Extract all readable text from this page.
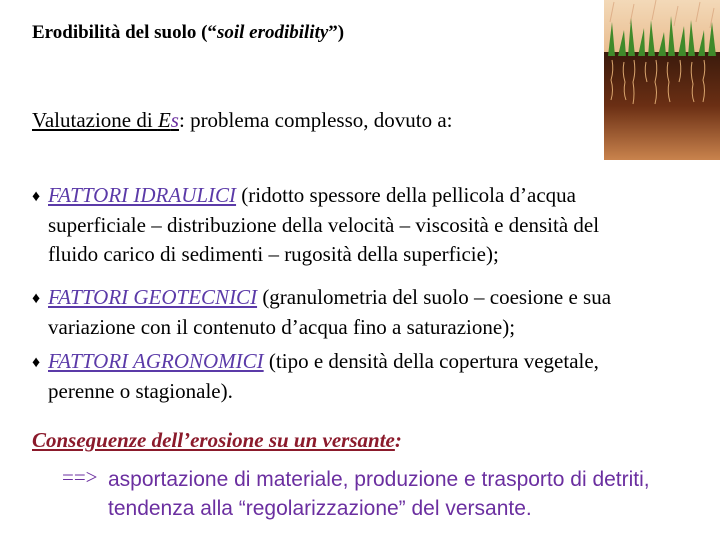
Erodibilità del suolo (“soil erodibility”)
Valutazione di Es: problema complesso, dovuto a:
♦ FATTORI IDRAULICI (ridotto spessore della pellicola d’acqua
superficiale – distribuzione della velocità – viscosità e densità del
fluido carico di sedimenti – rugosità della superficie);
♦ FATTORI GEOTECNICI (granulometria del suolo – coesione e sua
variazione con il contenuto d’acqua fino a saturazione);
♦ FATTORI AGRONOMICI (tipo e densità della copertura vegetale,
perenne o stagionale).
Conseguenze dell’erosione su un versante:
==> asportazione di materiale, produzione e trasporto di detriti,
tendenza alla “regolarizzazione” del versante.
